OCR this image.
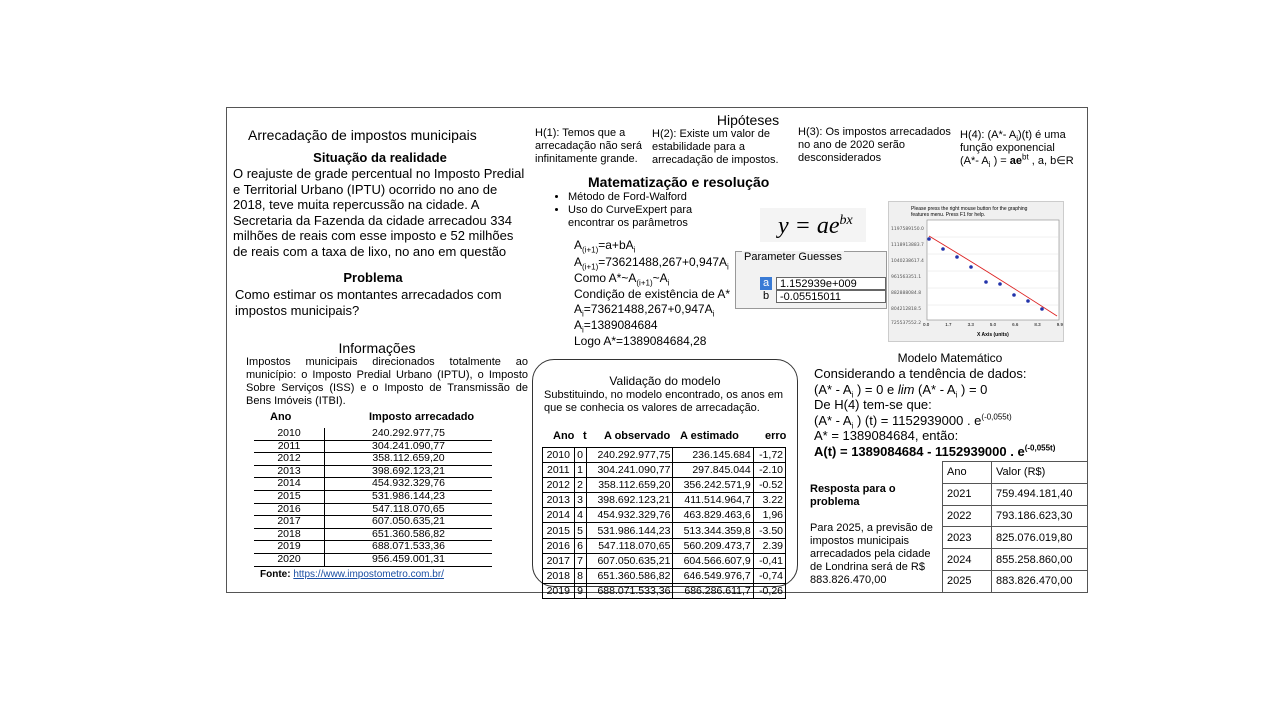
Arrecadação de impostos municipais
Situação da realidade
O reajuste de grade percentual no Imposto Predial e Territorial Urbano (IPTU) ocorrido no ano de 2018, teve muita repercussão na cidade. A Secretaria da Fazenda da cidade arrecadou 334 milhões de reais com esse imposto e 52 milhões de reais com a taxa de lixo, no ano em questão
Problema
Como estimar os montantes arrecadados com impostos municipais?
Informações
Impostos municipais direcionados totalmente ao município: o Imposto Predial Urbano (IPTU), o Imposto Sobre Serviços (ISS) e o Imposto de Transmissão de Bens Imóveis (ITBI).
Ano	Imposto arrecadado
2010	240.292.977,75
2011	304.241.090,77
2012	358.112.659,20
2013	398.692.123,21
2014	454.932.329,76
2015	531.986.144,23
2016	547.118.070,65
2017	607.050.635,21
2018	651.360.586,82
2019	688.071.533,36
2020	956.459.001,31
Fonte: https://www.impostometro.com.br/
Hipóteses
H(1): Temos que a arrecadação não será infinitamente grande.
H(2): Existe um valor de estabilidade para a arrecadação de impostos.
H(3): Os impostos arrecadados no ano de 2020 serão desconsiderados
H(4): (A*- $A_i)(t)$ é uma função exponencial
(A*- $A_i$ ) = $ae^{bt}$ , a, b∈R
Matematização e resolução
• Método de Ford-Walford
• Uso do CurveExpert para encontrar os parâmetros	$y = ae^{bx}$
$A_{(i+1)}=a+bA_i$
$A_{(i+1)}=73621488,267+0,947A_i$
Como $A*\sim A_{(i+1)}\sim A_i$
Condição de existência de A*
$A_i=73621488,267+0,947A_i$
$A_i=1389084684$
Logo A*=1389084684,28
Parameter Guesses
a 1.152939e+009
b -0.05515011
Please press the right mouse button for the graphing features menu. Press F1 for help.
1197589150.0
1118913883.7
1040238617.4
961563351.1
882888084.8
804212818.5
725537552.2 0.0	1.7	3.3	5.0	6.6	8.3	9.9
X Axis (units)
Validação do modelo
Substituindo, no modelo encontrado, os anos em que se conhecia os valores de arrecadação.
Ano t A observado A estimado erro
2010	0	240.292.977,75	236.145.684	-1,72
2011	1	304.241.090,77	297.845.044	-2.10
2012	2	358.112.659,20	356.242.571,9	-0.52
2013	3	398.692.123,21	411.514.964,7	3.22
2014	4	454.932.329,76	463.829.463,6	1,96
2015	5	531.986.144,23	513.344.359,8	-3.50
2016	6	547.118.070,65	560.209.473,7	2.39
2017	7	607.050.635,21	604.566.607,9	-0,41
2018	8	651.360.586,82	646.549.976,7	-0,74
2019	9	688.071.533,36	686.286.611,7	-0,26
Modelo Matemático
Considerando a tendência de dados:
($A* - A_i$ ) = 0 e $\lim (A* - A_i$ ) = 0
De H(4) tem-se que:
($A* - A_i$ ) (t) = 1152939000 . $e^{(-0,055t)}$
A* = 1389084684, então:
A(t) = 1389084684 - 1152939000 . $e^{(-0,055t)}$
Resposta para o problema
Para 2025, a previsão de impostos municipais arrecadados pela cidade de Londrina será de R$ 883.826.470,00
Ano	Valor (R$)
2021	759.494.181,40
2022	793.186.623,30
2023	825.076.019,80
2024	855.258.860,00
2025	883.826.470,00
